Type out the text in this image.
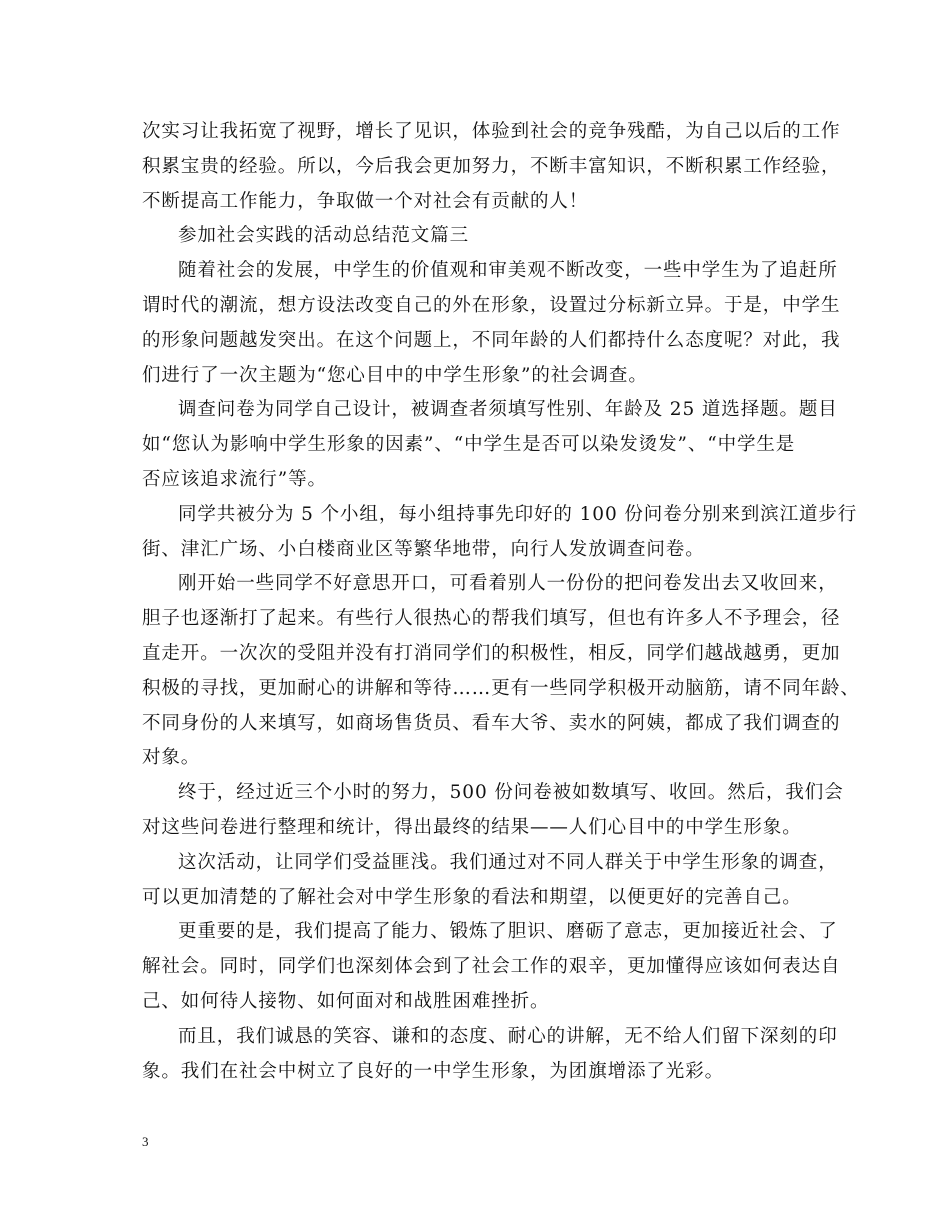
次实习让我拓宽了视野，增长了见识，体验到社会的竞争残酷，为自己以后的工作
积累宝贵的经验。所以，今后我会更加努力，不断丰富知识，不断积累工作经验，
不断提高工作能力，争取做一个对社会有贡献的人！
参加社会实践的活动总结范文篇三
随着社会的发展，中学生的价值观和审美观不断改变，一些中学生为了追赶所
谓时代的潮流，想方设法改变自己的外在形象，设置过分标新立异。于是，中学生
的形象问题越发突出。在这个问题上，不同年龄的人们都持什么态度呢？对此，我
们进行了一次主题为“您心目中的中学生形象”的社会调查。
调查问卷为同学自己设计，被调查者须填写性别、年龄及 25 道选择题。题目
如“您认为影响中学生形象的因素”、“中学生是否可以染发烫发”、“中学生是
否应该追求流行”等。
同学共被分为 5 个小组，每小组持事先印好的 100 份问卷分别来到滨江道步行
街、津汇广场、小白楼商业区等繁华地带，向行人发放调查问卷。
刚开始一些同学不好意思开口，可看着别人一份份的把问卷发出去又收回来，
胆子也逐渐打了起来。有些行人很热心的帮我们填写，但也有许多人不予理会，径
直走开。一次次的受阻并没有打消同学们的积极性，相反，同学们越战越勇，更加
积极的寻找，更加耐心的讲解和等待……更有一些同学积极开动脑筋，请不同年龄、
不同身份的人来填写，如商场售货员、看车大爷、卖水的阿姨，都成了我们调查的
对象。
终于，经过近三个小时的努力，500 份问卷被如数填写、收回。然后，我们会
对这些问卷进行整理和统计，得出最终的结果——人们心目中的中学生形象。
这次活动，让同学们受益匪浅。我们通过对不同人群关于中学生形象的调查，
可以更加清楚的了解社会对中学生形象的看法和期望，以便更好的完善自己。
更重要的是，我们提高了能力、锻炼了胆识、磨砺了意志，更加接近社会、了
解社会。同时，同学们也深刻体会到了社会工作的艰辛，更加懂得应该如何表达自
己、如何待人接物、如何面对和战胜困难挫折。
而且，我们诚恳的笑容、谦和的态度、耐心的讲解，无不给人们留下深刻的印
象。我们在社会中树立了良好的一中学生形象，为团旗增添了光彩。
3
